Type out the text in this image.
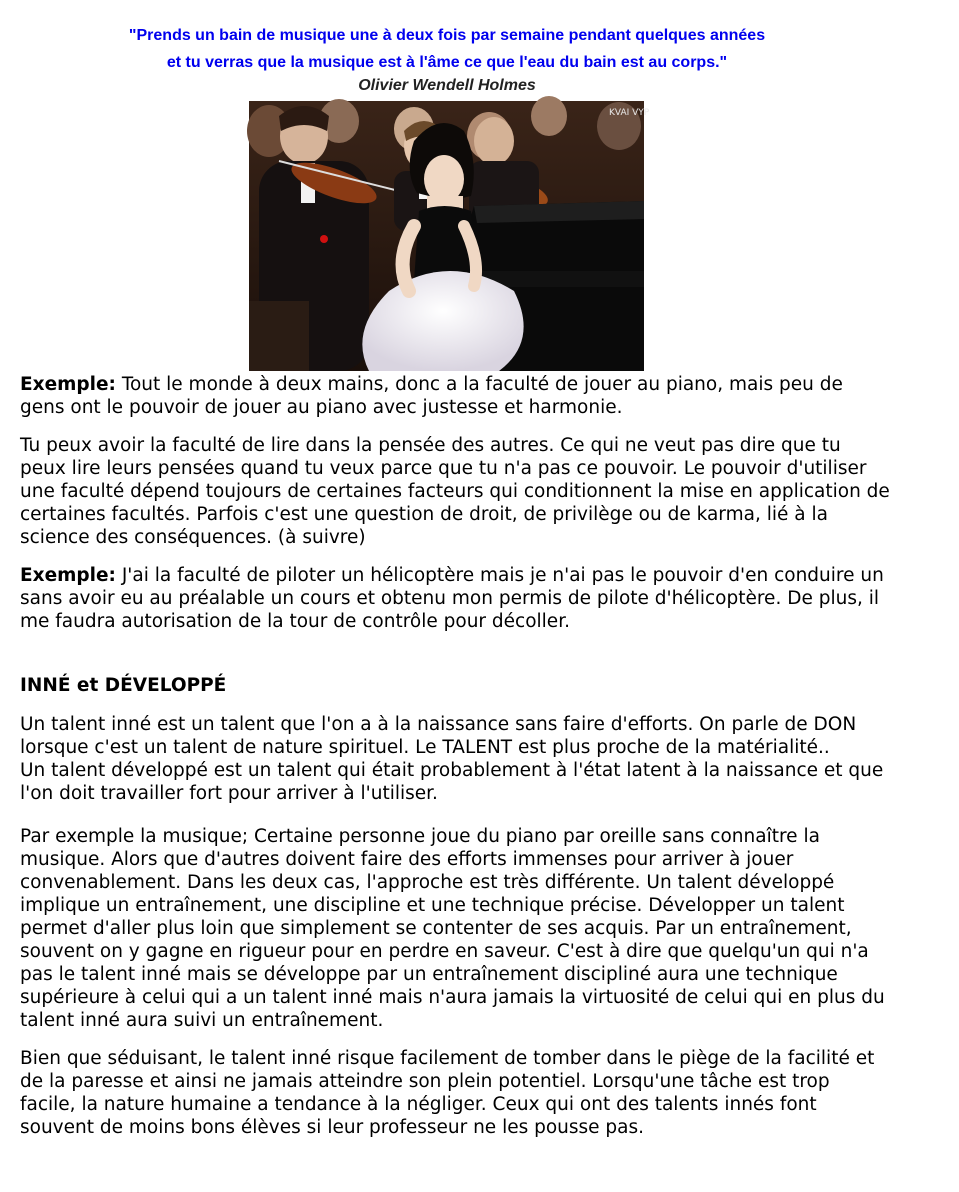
"Prends un bain de musique une à deux fois par semaine pendant quelques années

et tu verras que la musique est à l'âme ce que l'eau du bain est au corps."

Olivier Wendell Holmes

KVAI VYP

Exemple: Tout le monde à deux mains, donc a la faculté de jouer au piano, mais peu de gens ont le pouvoir de jouer au piano avec justesse et harmonie.

Tu peux avoir la faculté de lire dans la pensée des autres. Ce qui ne veut pas dire que tu peux lire leurs pensées quand tu veux parce que tu n'a pas ce pouvoir. Le pouvoir d'utiliser une faculté dépend toujours de certaines facteurs qui conditionnent la mise en application de certaines facultés. Parfois c'est une question de droit, de privilège ou de karma, lié à la science des conséquences. (à suivre)

Exemple: J'ai la faculté de piloter un hélicoptère mais je n'ai pas le pouvoir d'en conduire un sans avoir eu au préalable un cours et obtenu mon permis de pilote d'hélicoptère. De plus, il me faudra autorisation de la tour de contrôle pour décoller.

INNÉ et DÉVELOPPÉ

Un talent inné est un talent que l'on a à la naissance sans faire d'efforts. On parle de DON lorsque c'est un talent de nature spirituel. Le TALENT est plus proche de la matérialité..
Un talent développé est un talent qui était probablement à l'état latent à la naissance et que l'on doit travailler fort pour arriver à l'utiliser.

Par exemple la musique; Certaine personne joue du piano par oreille sans connaître la musique. Alors que d'autres doivent faire des efforts immenses pour arriver à jouer convenablement. Dans les deux cas, l'approche est très différente. Un talent développé implique un entraînement, une discipline et une technique précise. Développer un talent permet d'aller plus loin que simplement se contenter de ses acquis. Par un entraînement, souvent on y gagne en rigueur pour en perdre en saveur. C'est à dire que quelqu'un qui n'a pas le talent inné mais se développe par un entraînement discipliné aura une technique supérieure à celui qui a un talent inné mais n'aura jamais la virtuosité de celui qui en plus du talent inné aura suivi un entraînement.

Bien que séduisant, le talent inné risque facilement de tomber dans le piège de la facilité et de la paresse et ainsi ne jamais atteindre son plein potentiel. Lorsqu'une tâche est trop facile, la nature humaine a tendance à la négliger. Ceux qui ont des talents innés font souvent de moins bons élèves si leur professeur ne les pousse pas.
